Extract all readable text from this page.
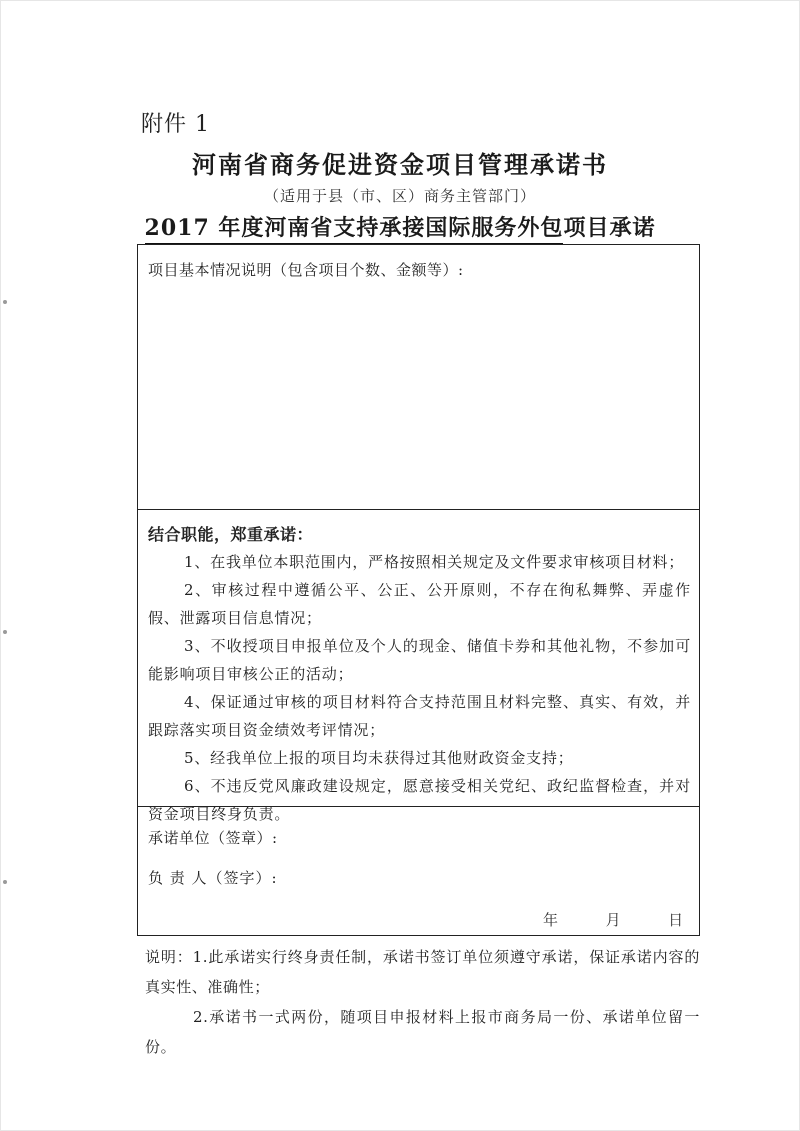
附件 1
河南省商务促进资金项目管理承诺书
（适用于县（市、区）商务主管部门）
2017 年度河南省支持承接国际服务外包项目承诺
项目基本情况说明（包含项目个数、金额等）:
结合职能，郑重承诺：
1、在我单位本职范围内，严格按照相关规定及文件要求审核项目材料；
2、审核过程中遵循公平、公正、公开原则，不存在徇私舞弊、弄虚作假、泄露项目信息情况；
3、不收授项目申报单位及个人的现金、储值卡券和其他礼物，不参加可能影响项目审核公正的活动；
4、保证通过审核的项目材料符合支持范围且材料完整、真实、有效，并跟踪落实项目资金绩效考评情况；
5、经我单位上报的项目均未获得过其他财政资金支持；
6、不违反党风廉政建设规定，愿意接受相关党纪、政纪监督检查，并对资金项目终身负责。
承诺单位（签章）:
负 责 人（签字）:
年	月	日
说明：1.此承诺实行终身责任制，承诺书签订单位须遵守承诺，保证承诺内容的真实性、准确性；
2.承诺书一式两份，随项目申报材料上报市商务局一份、承诺单位留一份。
